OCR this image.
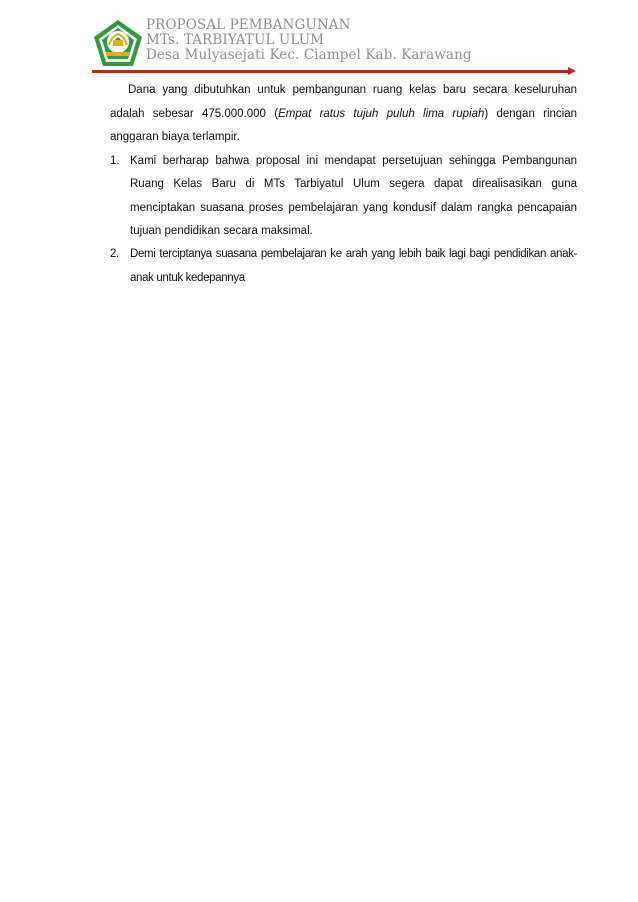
PROPOSAL PEMBANGUNAN
MTs. TARBIYATUL ULUM
Desa Mulyasejati Kec. Ciampel Kab. Karawang

Dana yang dibutuhkan untuk pembangunan ruang kelas baru secara keseluruhan adalah sebesar 475.000.000 (Empat ratus tujuh puluh lima rupiah) dengan rincian anggaran biaya terlampir.

1. Kami berharap bahwa proposal ini mendapat persetujuan sehingga Pembangunan Ruang Kelas Baru di MTs Tarbiyatul Ulum segera dapat direalisasikan guna menciptakan suasana proses pembelajaran yang kondusif dalam rangka pencapaian tujuan pendidikan secara maksimal.
2. Demi terciptanya suasana pembelajaran ke arah yang lebih baik lagi bagi pendidikan anak-anak untuk kedepannya
